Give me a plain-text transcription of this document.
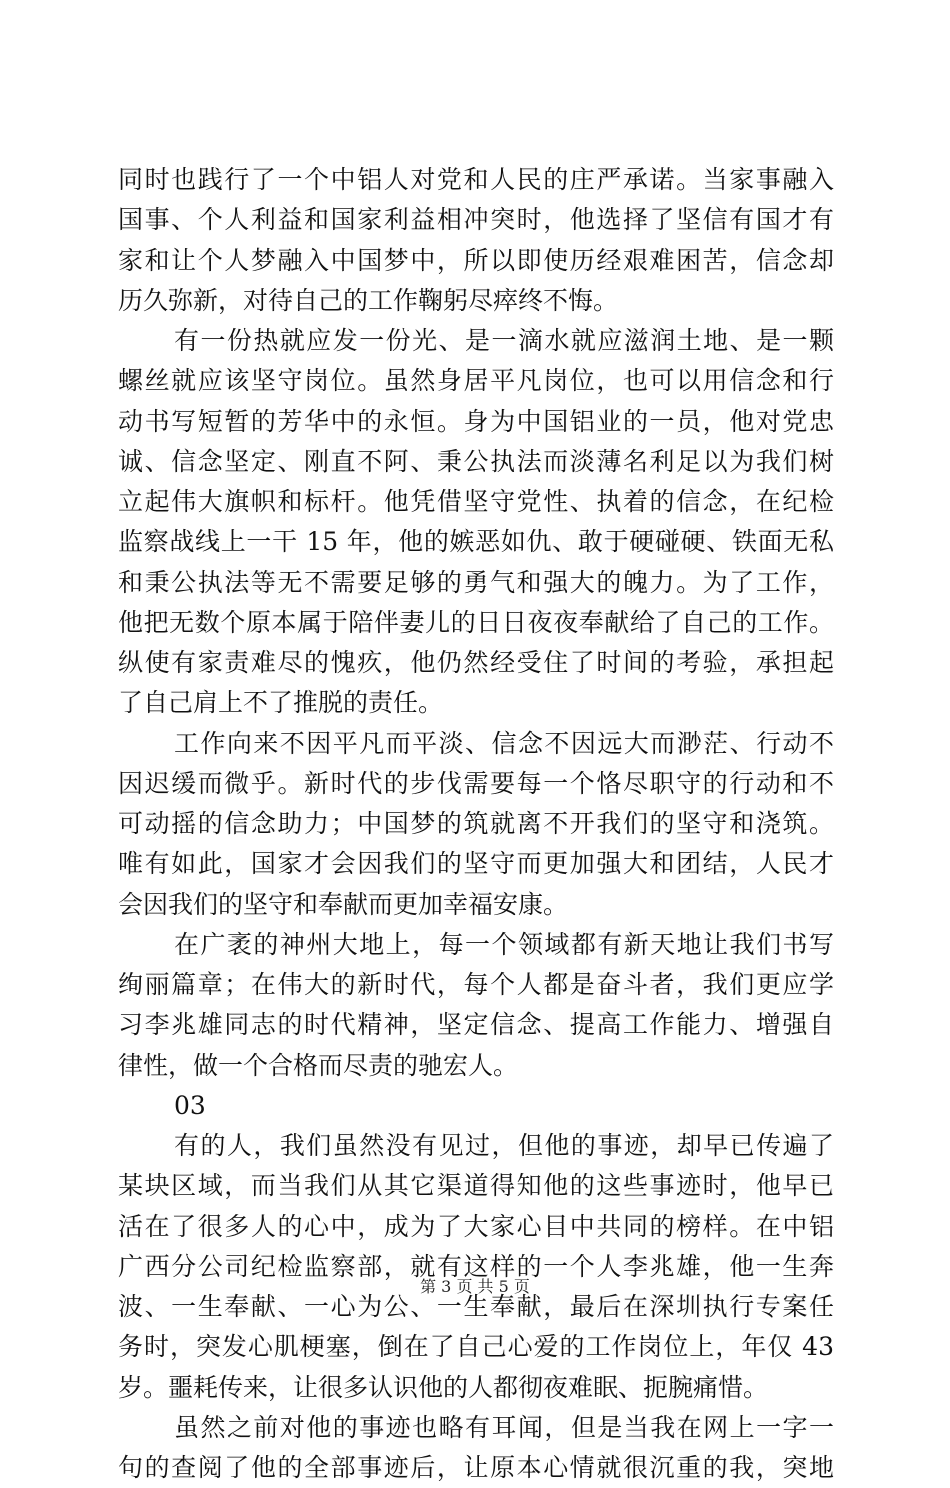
同时也践行了一个中铝人对党和人民的庄严承诺。当家事融入
国事、个人利益和国家利益相冲突时，他选择了坚信有国才有
家和让个人梦融入中国梦中，所以即使历经艰难困苦，信念却
历久弥新，对待自己的工作鞠躬尽瘁终不悔。
有一份热就应发一份光、是一滴水就应滋润土地、是一颗
螺丝就应该坚守岗位。虽然身居平凡岗位，也可以用信念和行
动书写短暂的芳华中的永恒。身为中国铝业的一员，他对党忠
诚、信念坚定、刚直不阿、秉公执法而淡薄名利足以为我们树
立起伟大旗帜和标杆。他凭借坚守党性、执着的信念，在纪检
监察战线上一干 15 年，他的嫉恶如仇、敢于硬碰硬、铁面无私
和秉公执法等无不需要足够的勇气和强大的魄力。为了工作，
他把无数个原本属于陪伴妻儿的日日夜夜奉献给了自己的工作。
纵使有家责难尽的愧疚，他仍然经受住了时间的考验，承担起
了自己肩上不了推脱的责任。
工作向来不因平凡而平淡、信念不因远大而渺茫、行动不
因迟缓而微乎。新时代的步伐需要每一个恪尽职守的行动和不
可动摇的信念助力；中国梦的筑就离不开我们的坚守和浇筑。
唯有如此，国家才会因我们的坚守而更加强大和团结，人民才
会因我们的坚守和奉献而更加幸福安康。
在广袤的神州大地上，每一个领域都有新天地让我们书写
绚丽篇章；在伟大的新时代，每个人都是奋斗者，我们更应学
习李兆雄同志的时代精神，坚定信念、提高工作能力、增强自
律性，做一个合格而尽责的驰宏人。
03
有的人，我们虽然没有见过，但他的事迹，却早已传遍了
某块区域，而当我们从其它渠道得知他的这些事迹时，他早已
活在了很多人的心中，成为了大家心目中共同的榜样。在中铝
广西分公司纪检监察部，就有这样的一个人李兆雄，他一生奔
波、一生奉献、一心为公、一生奉献，最后在深圳执行专案任
务时，突发心肌梗塞，倒在了自己心爱的工作岗位上，年仅 43
岁。噩耗传来，让很多认识他的人都彻夜难眠、扼腕痛惜。
虽然之前对他的事迹也略有耳闻，但是当我在网上一字一
句的查阅了他的全部事迹后，让原本心情就很沉重的我，突地
第 3 页 共 5 页
